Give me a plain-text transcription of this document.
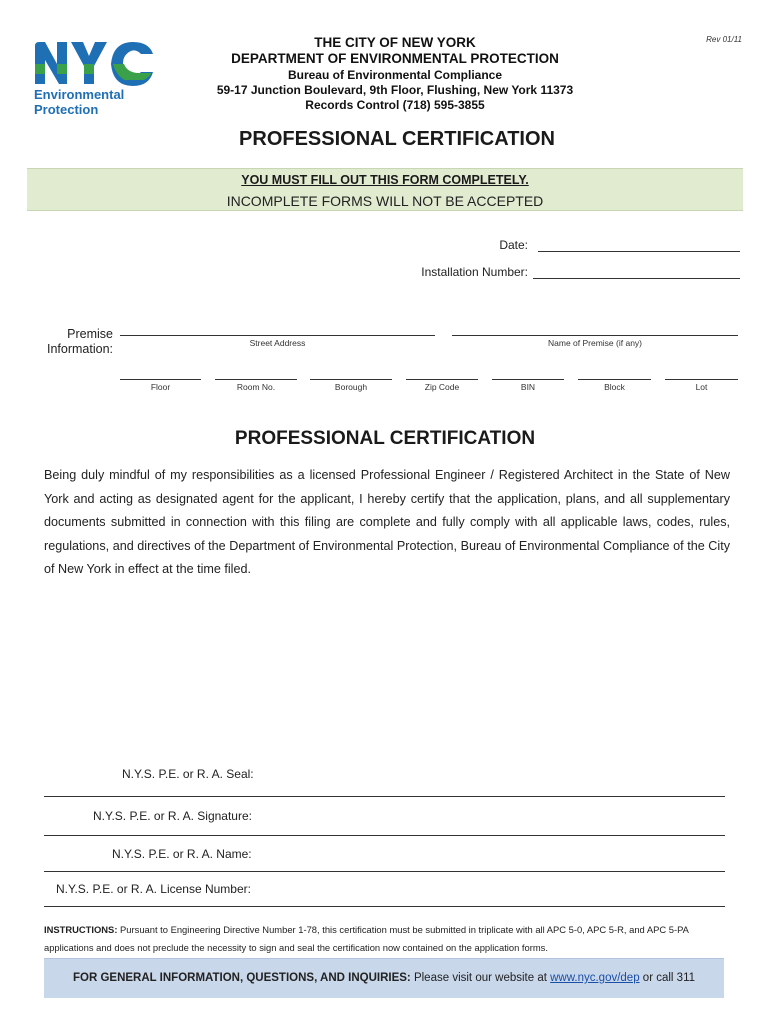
Environmental
Protection
Rev 01/11
THE CITY OF NEW YORK
DEPARTMENT OF ENVIRONMENTAL PROTECTION
Bureau of Environmental Compliance
59-17 Junction Boulevard, 9th Floor, Flushing, New York 11373
Records Control (718) 595-3855
PROFESSIONAL CERTIFICATION
YOU MUST FILL OUT THIS FORM COMPLETELY.
INCOMPLETE FORMS WILL NOT BE ACCEPTED
Date:
Installation Number:
Premise
Information:	Street Address	Name of Premise (if any)
Floor	Room No.	Borough	Zip Code	BIN	Block	Lot
PROFESSIONAL CERTIFICATION
Being duly mindful of my responsibilities as a licensed Professional Engineer / Registered Architect in the State of New York and acting as designated agent for the applicant, I hereby certify that the application, plans, and all supplementary documents submitted in connection with this filing are complete and fully comply with all applicable laws, codes, rules, regulations, and directives of the Department of Environmental Protection, Bureau of Environmental Compliance of the City of New York in effect at the time filed.
N.Y.S. P.E. or R. A. Seal:
N.Y.S. P.E. or R. A. Signature:
N.Y.S. P.E. or R. A. Name:
N.Y.S. P.E. or R. A. License Number:
INSTRUCTIONS: Pursuant to Engineering Directive Number 1-78, this certification must be submitted in triplicate with all APC 5-0, APC 5-R, and APC 5-PA applications and does not preclude the necessity to sign and seal the certification now contained on the application forms.
FOR GENERAL INFORMATION, QUESTIONS, AND INQUIRIES: Please visit our website at www.nyc.gov/dep or call 311
